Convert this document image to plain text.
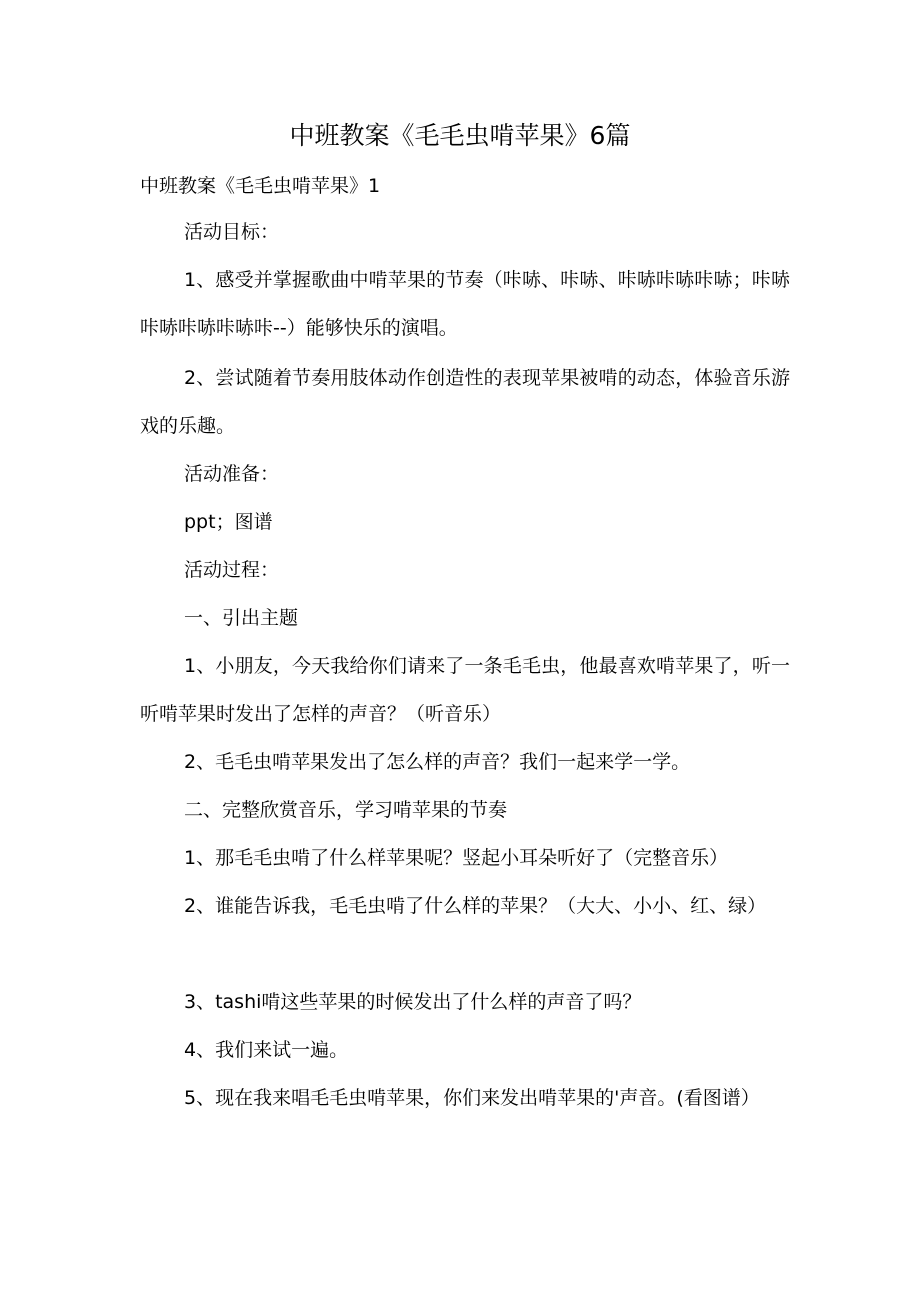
中班教案《毛毛虫啃苹果》6篇
中班教案《毛毛虫啃苹果》1
活动目标：
1、感受并掌握歌曲中啃苹果的节奏（咔哧、咔哧、咔哧咔哧咔哧；咔哧咔哧咔哧咔哧咔--）能够快乐的演唱。
2、尝试随着节奏用肢体动作创造性的表现苹果被啃的动态，体验音乐游戏的乐趣。
活动准备：
ppt；图谱
活动过程：
一、引出主题
1、小朋友，今天我给你们请来了一条毛毛虫，他最喜欢啃苹果了，听一听啃苹果时发出了怎样的声音？（听音乐）
2、毛毛虫啃苹果发出了怎么样的声音？我们一起来学一学。
二、完整欣赏音乐，学习啃苹果的节奏
1、那毛毛虫啃了什么样苹果呢？竖起小耳朵听好了（完整音乐）
2、谁能告诉我，毛毛虫啃了什么样的苹果？（大大、小小、红、绿）
3、tashi啃这些苹果的时候发出了什么样的声音了吗？
4、我们来试一遍。
5、现在我来唱毛毛虫啃苹果，你们来发出啃苹果的'声音。(看图谱）
